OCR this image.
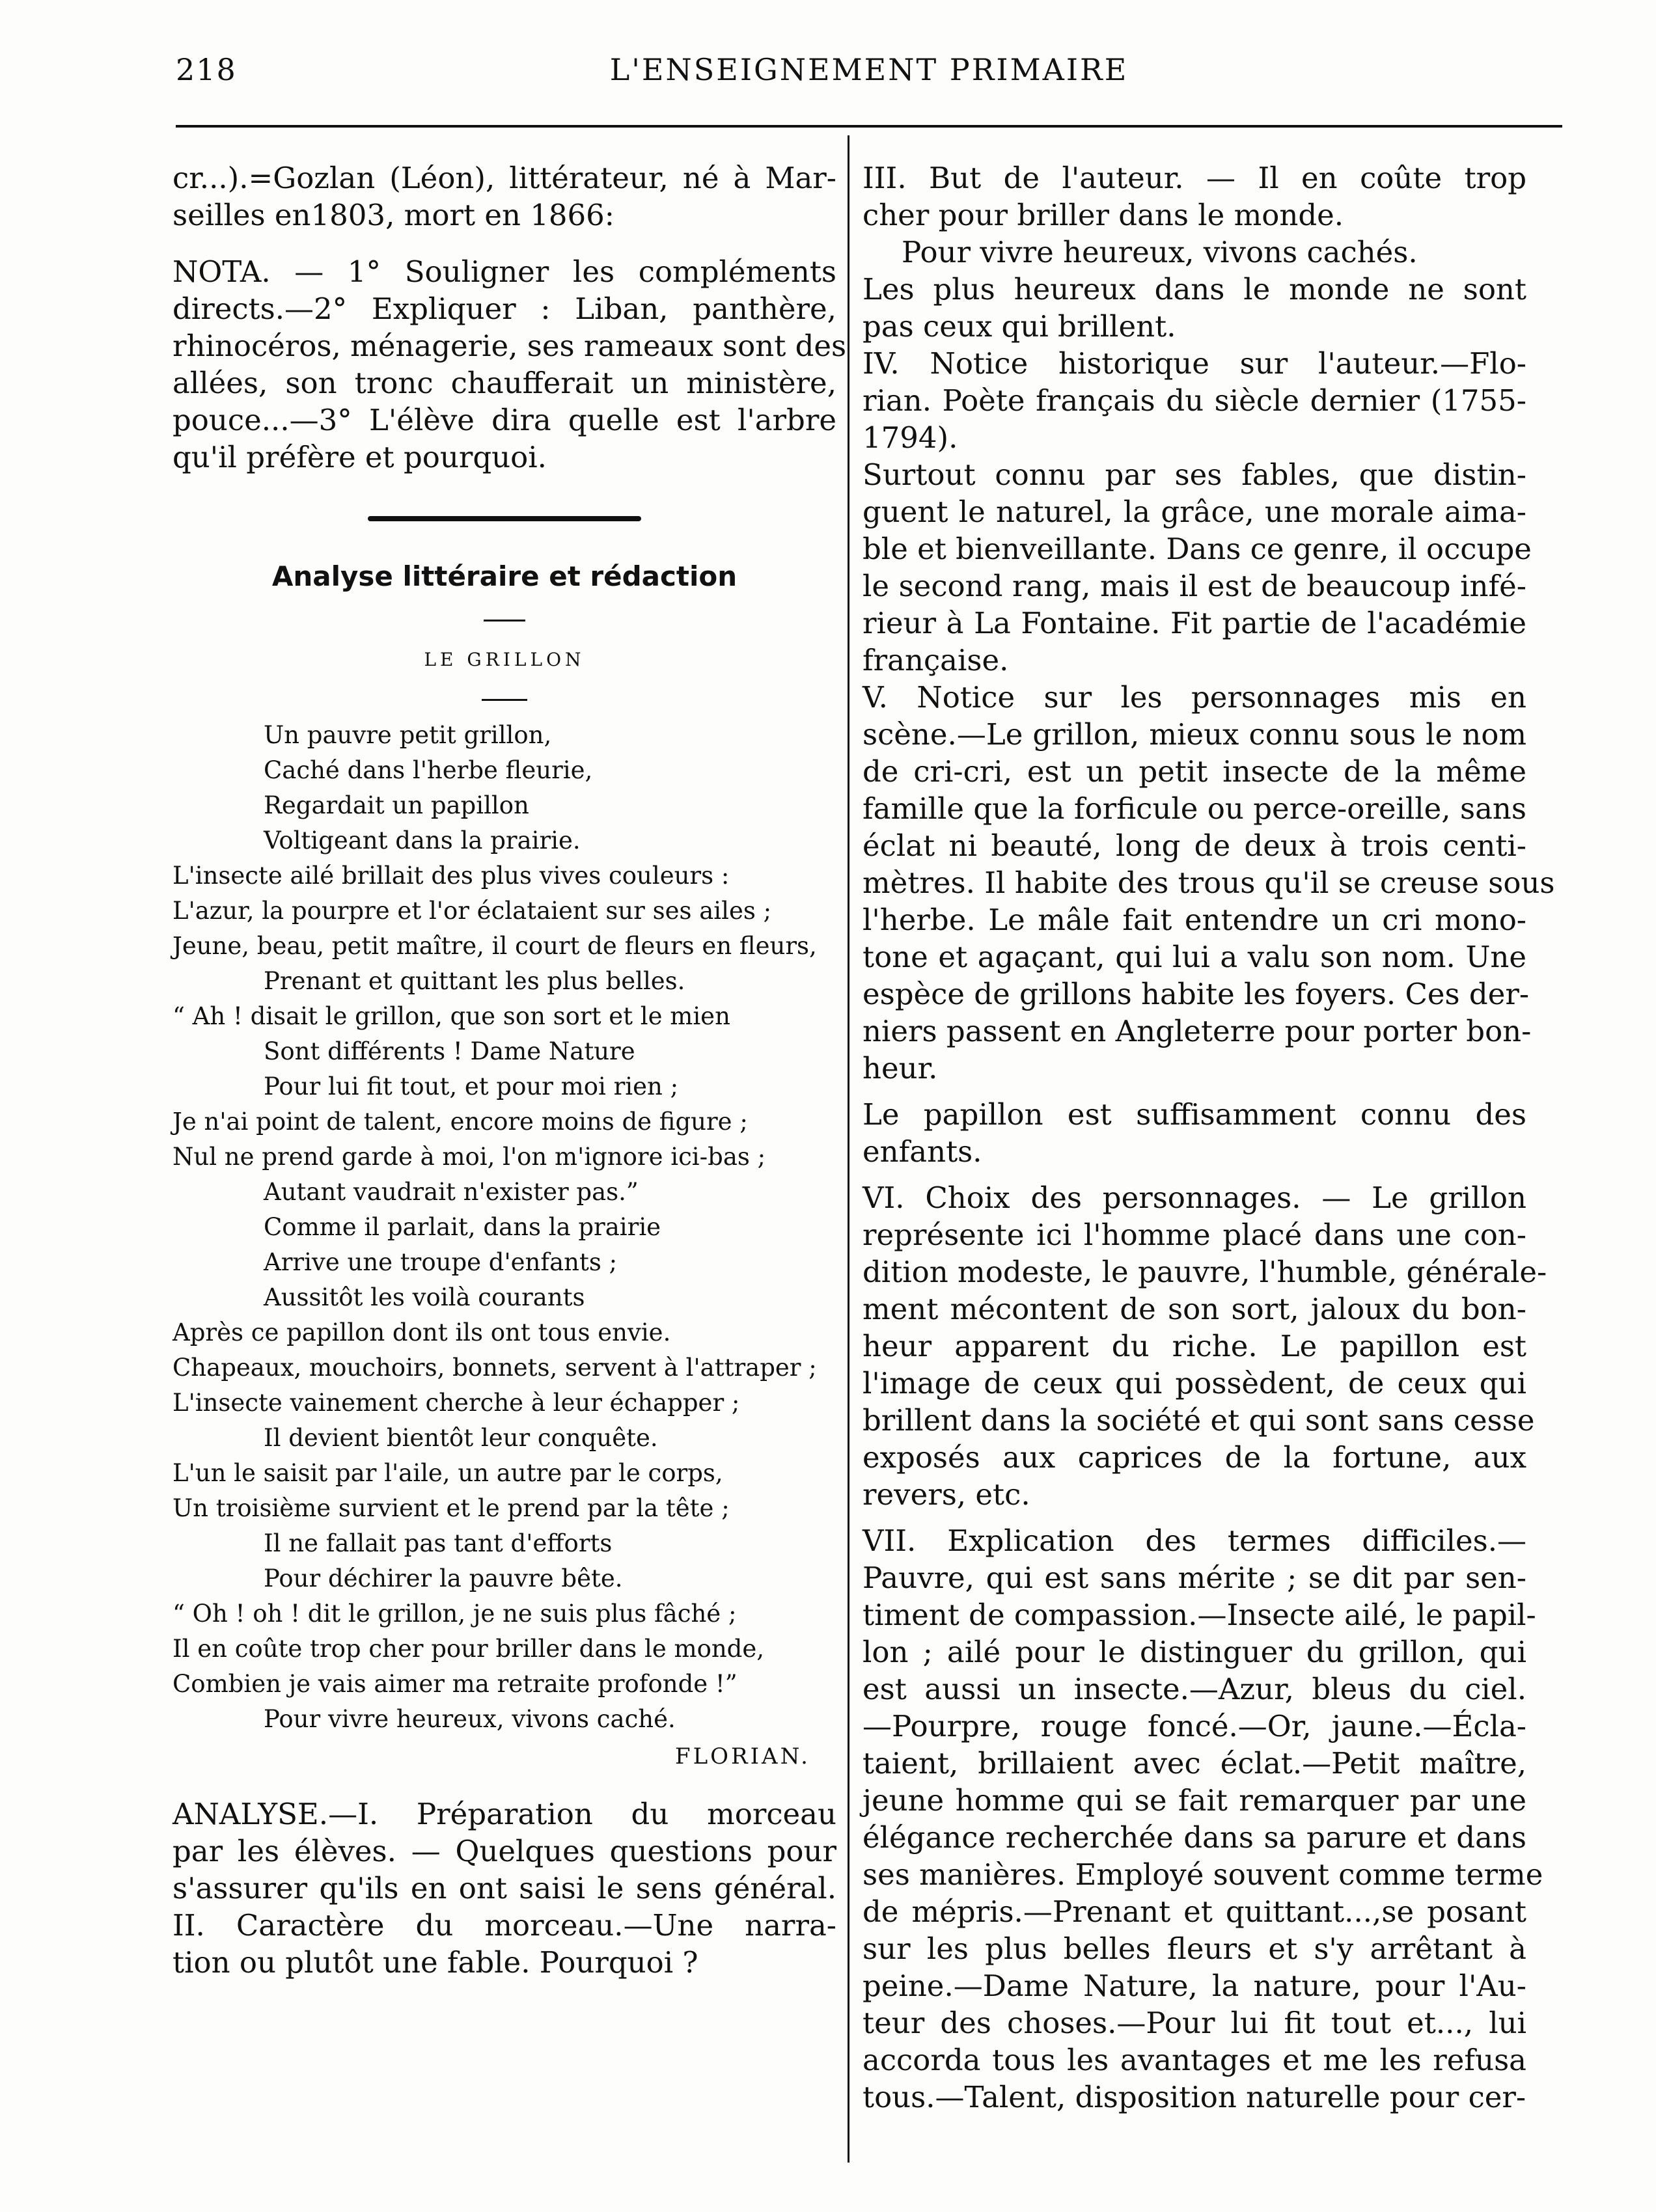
218	L'ENSEIGNEMENT PRIMAIRE
cr...).=Gozlan (Léon), littérateur, né à Mar-
seilles en1803, mort en 1866:
NOTA. — 1° Souligner les compléments
directs.—2° Expliquer : Liban, panthère,
rhinocéros, ménagerie, ses rameaux sont des
allées, son tronc chaufferait un ministère,
pouce...—3° L'élève dira quelle est l'arbre
qu'il préfère et pourquoi.
Analyse littéraire et rédaction
LE GRILLON
Un pauvre petit grillon,
Caché dans l'herbe fleurie,
Regardait un papillon
Voltigeant dans la prairie.
L'insecte ailé brillait des plus vives couleurs :
L'azur, la pourpre et l'or éclataient sur ses ailes ;
Jeune, beau, petit maître, il court de fleurs en fleurs,
Prenant et quittant les plus belles.
“ Ah ! disait le grillon, que son sort et le mien
Sont différents ! Dame Nature
Pour lui fit tout, et pour moi rien ;
Je n'ai point de talent, encore moins de figure ;
Nul ne prend garde à moi, l'on m'ignore ici-bas ;
Autant vaudrait n'exister pas.”
Comme il parlait, dans la prairie
Arrive une troupe d'enfants ;
Aussitôt les voilà courants
Après ce papillon dont ils ont tous envie.
Chapeaux, mouchoirs, bonnets, servent à l'attraper ;
L'insecte vainement cherche à leur échapper ;
Il devient bientôt leur conquête.
L'un le saisit par l'aile, un autre par le corps,
Un troisième survient et le prend par la tête ;
Il ne fallait pas tant d'efforts
Pour déchirer la pauvre bête.
“ Oh ! oh ! dit le grillon, je ne suis plus fâché ;
Il en coûte trop cher pour briller dans le monde,
Combien je vais aimer ma retraite profonde !”
Pour vivre heureux, vivons caché.
FLORIAN.
ANALYSE.—I. Préparation du morceau
par les élèves. — Quelques questions pour
s'assurer qu'ils en ont saisi le sens général.
II. Caractère du morceau.—Une narra-
tion ou plutôt une fable. Pourquoi ?
III. But de l'auteur. — Il en coûte trop
cher pour briller dans le monde.
Pour vivre heureux, vivons cachés.
Les plus heureux dans le monde ne sont
pas ceux qui brillent.
IV. Notice historique sur l'auteur.—Flo-
rian. Poète français du siècle dernier (1755-
1794).
Surtout connu par ses fables, que distin-
guent le naturel, la grâce, une morale aima-
ble et bienveillante. Dans ce genre, il occupe
le second rang, mais il est de beaucoup infé-
rieur à La Fontaine. Fit partie de l'académie
française.
V. Notice sur les personnages mis en
scène.—Le grillon, mieux connu sous le nom
de cri-cri, est un petit insecte de la même
famille que la forficule ou perce-oreille, sans
éclat ni beauté, long de deux à trois centi-
mètres. Il habite des trous qu'il se creuse sous
l'herbe. Le mâle fait entendre un cri mono-
tone et agaçant, qui lui a valu son nom. Une
espèce de grillons habite les foyers. Ces der-
niers passent en Angleterre pour porter bon-
heur.
Le papillon est suffisamment connu des
enfants.
VI. Choix des personnages. — Le grillon
représente ici l'homme placé dans une con-
dition modeste, le pauvre, l'humble, générale-
ment mécontent de son sort, jaloux du bon-
heur apparent du riche. Le papillon est
l'image de ceux qui possèdent, de ceux qui
brillent dans la société et qui sont sans cesse
exposés aux caprices de la fortune, aux
revers, etc.
VII. Explication des termes difficiles.—
Pauvre, qui est sans mérite ; se dit par sen-
timent de compassion.—Insecte ailé, le papil-
lon ; ailé pour le distinguer du grillon, qui
est aussi un insecte.—Azur, bleus du ciel.
—Pourpre, rouge foncé.—Or, jaune.—Écla-
taient, brillaient avec éclat.—Petit maître,
jeune homme qui se fait remarquer par une
élégance recherchée dans sa parure et dans
ses manières. Employé souvent comme terme
de mépris.—Prenant et quittant...,se posant
sur les plus belles fleurs et s'y arrêtant à
peine.—Dame Nature, la nature, pour l'Au-
teur des choses.—Pour lui fit tout et..., lui
accorda tous les avantages et me les refusa
tous.—Talent, disposition naturelle pour cer-
